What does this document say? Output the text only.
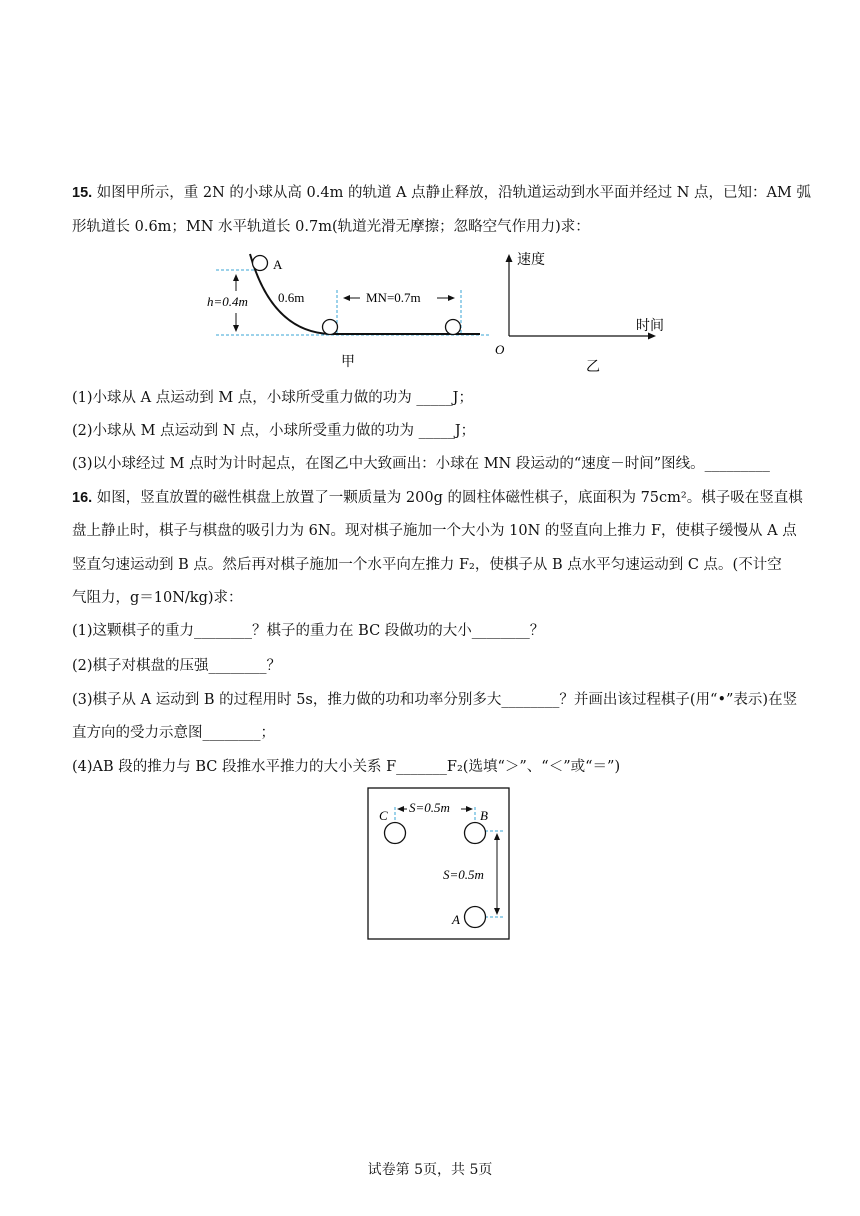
15. 如图甲所示，重 2N 的小球从高 0.4m 的轨道 A 点静止释放，沿轨道运动到水平面并经过 N 点，已知：AM 弧
形轨道长 0.6m；MN 水平轨道长 0.7m(轨道光滑无摩擦；忽略空气作用力)求：
A
h=0.4m 0.6m	MN=0.7m
甲
速度
时间
O
乙
(1)小球从 A 点运动到 M 点，小球所受重力做的功为 _____J；
(2)小球从 M 点运动到 N 点，小球所受重力做的功为 _____J；
(3)以小球经过 M 点时为计时起点，在图乙中大致画出：小球在 MN 段运动的“速度－时间”图线。_________
16. 如图，竖直放置的磁性棋盘上放置了一颗质量为 200g 的圆柱体磁性棋子，底面积为 75cm²。棋子吸在竖直棋
盘上静止时，棋子与棋盘的吸引力为 6N。现对棋子施加一个大小为 10N 的竖直向上推力 F，使棋子缓慢从 A 点
竖直匀速运动到 B 点。然后再对棋子施加一个水平向左推力 F₂，使棋子从 B 点水平匀速运动到 C 点。(不计空
气阻力，g＝10N/kg)求：
(1)这颗棋子的重力________？棋子的重力在 BC 段做功的大小________？
(2)棋子对棋盘的压强________？
(3)棋子从 A 运动到 B 的过程用时 5s，推力做的功和功率分别多大________？并画出该过程棋子(用“•”表示)在竖
直方向的受力示意图________；
(4)AB 段的推力与 BC 段推水平推力的大小关系 F_______F₂(选填“＞”、“＜”或“＝”)
S=0.5m
S=0.5m
C	B
A
试卷第 5页，共 5页
